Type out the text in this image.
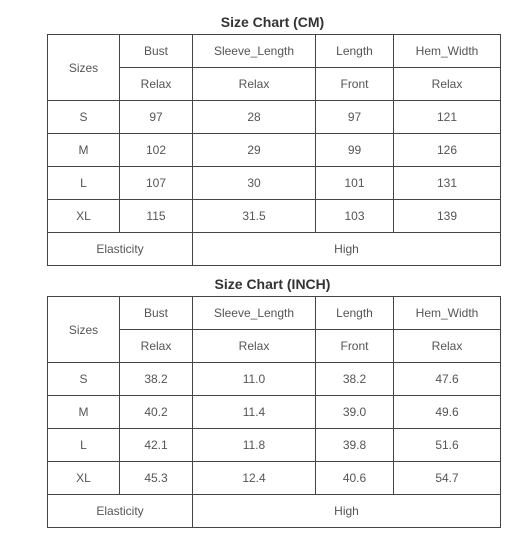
Size Chart (CM)
Sizes	Bust	Sleeve_Length	Length	Hem_Width
	Relax	Relax	Front	Relax
S	97	28	97	121
M	102	29	99	126
L	107	30	101	131
XL	115	31.5	103	139
Elasticity		High		
Size Chart (INCH)
Sizes	Bust	Sleeve_Length	Length	Hem_Width
	Relax	Relax	Front	Relax
S	38.2	11.0	38.2	47.6
M	40.2	11.4	39.0	49.6
L	42.1	11.8	39.8	51.6
XL	45.3	12.4	40.6	54.7
Elasticity		High		
